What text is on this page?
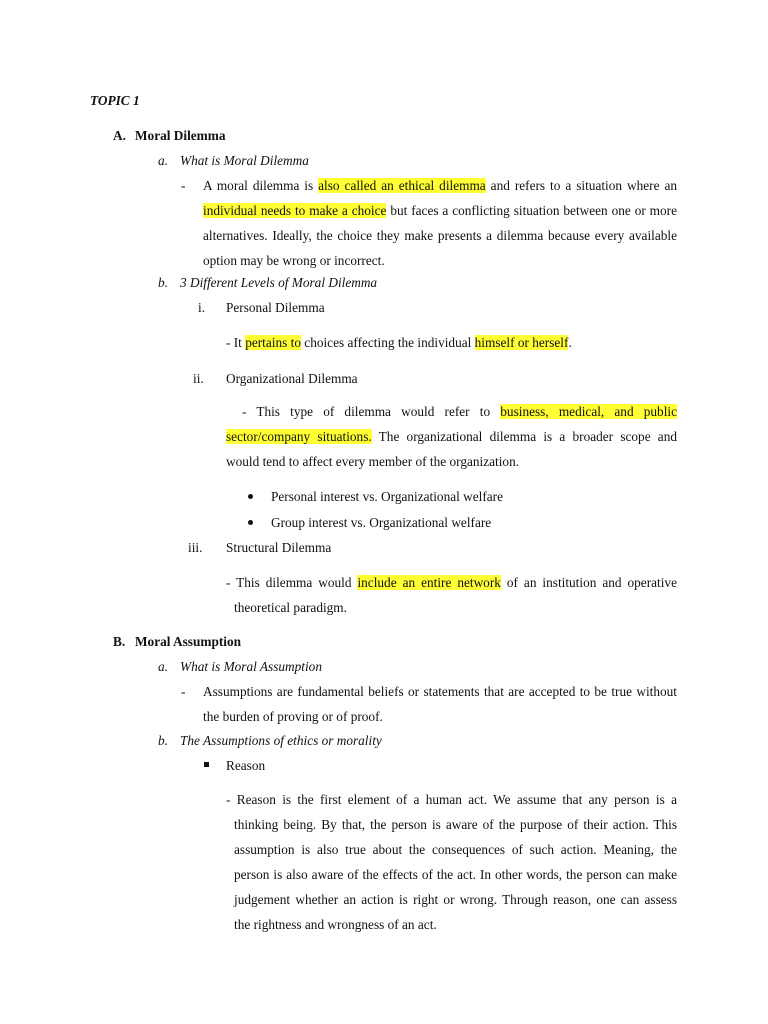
TOPIC 1
A. Moral Dilemma
a. What is Moral Dilemma
- A moral dilemma is also called an ethical dilemma and refers to a situation where an
individual needs to make a choice but faces a conflicting situation between one or more
alternatives. Ideally, the choice they make presents a dilemma because every available
option may be wrong or incorrect.
b. 3 Different Levels of Moral Dilemma
i. Personal Dilemma
- It pertains to choices affecting the individual himself or herself.
ii. Organizational Dilemma
- This type of dilemma would refer to business, medical, and public
sector/company situations. The organizational dilemma is a broader scope and
would tend to affect every member of the organization.
Personal interest vs. Organizational welfare
Group interest vs. Organizational welfare
iii. Structural Dilemma
- This dilemma would include an entire network of an institution and operative
theoretical paradigm.
B. Moral Assumption
a. What is Moral Assumption
- Assumptions are fundamental beliefs or statements that are accepted to be true without
the burden of proving or of proof.
b. The Assumptions of ethics or morality
Reason
- Reason is the first element of a human act. We assume that any person is a
thinking being. By that, the person is aware of the purpose of their action. This
assumption is also true about the consequences of such action. Meaning, the
person is also aware of the effects of the act. In other words, the person can make
judgement whether an action is right or wrong. Through reason, one can assess
the rightness and wrongness of an act.
